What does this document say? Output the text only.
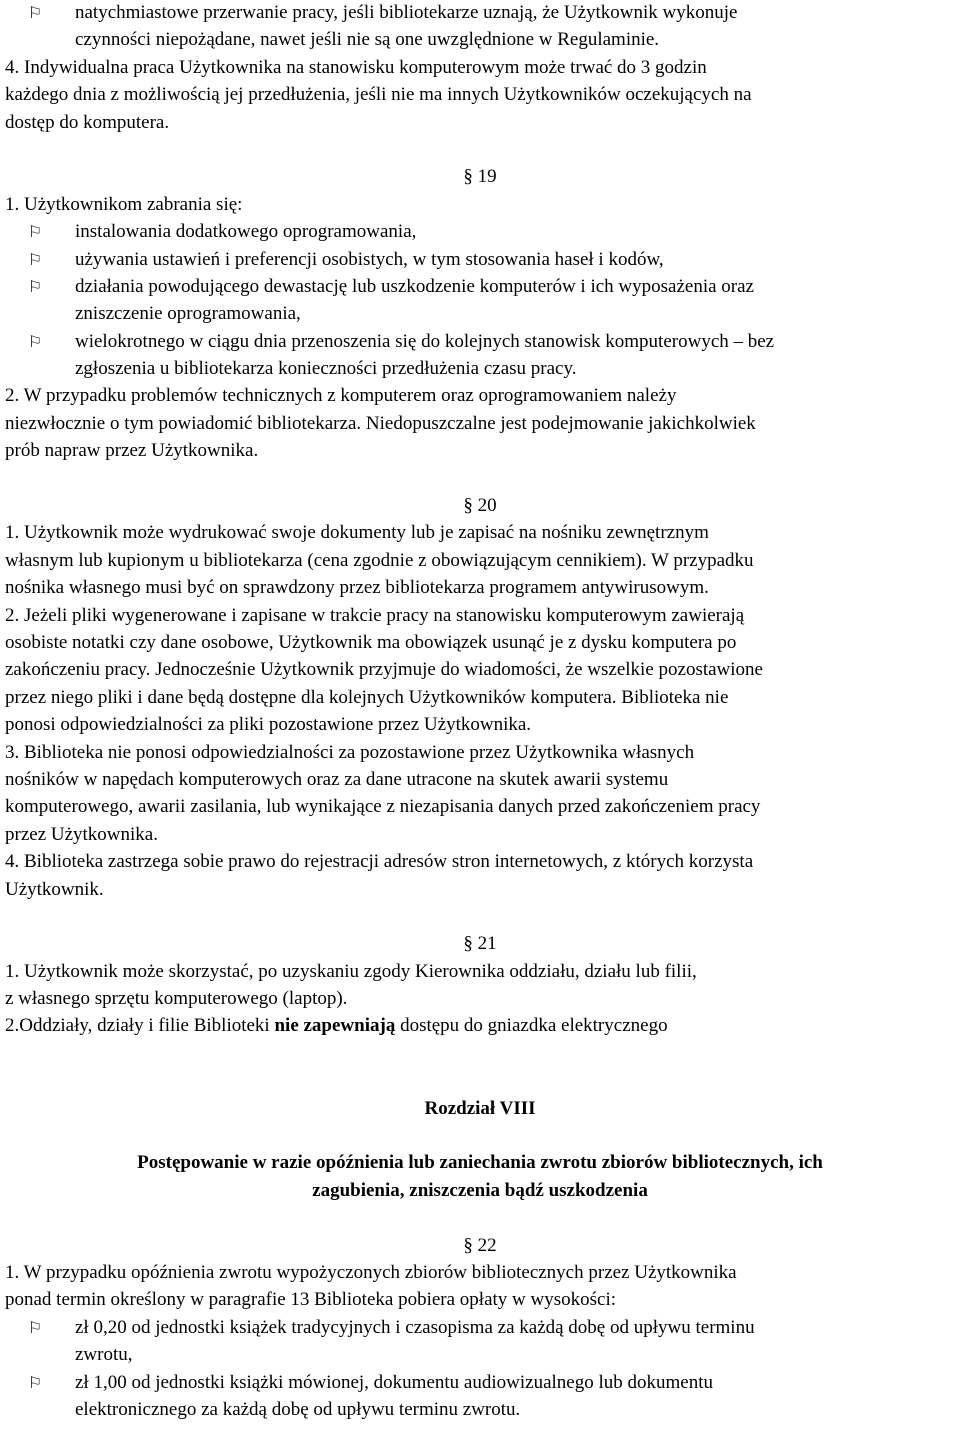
⚐ natychmiastowe przerwanie pracy, jeśli bibliotekarze uznają, że Użytkownik wykonuje
czynności niepożądane, nawet jeśli nie są one uwzględnione w Regulaminie.
4. Indywidualna praca Użytkownika na stanowisku komputerowym może trwać do 3 godzin
każdego dnia z możliwością jej przedłużenia, jeśli nie ma innych Użytkowników oczekujących na
dostęp do komputera.
§ 19
1. Użytkownikom zabrania się:
⚐ instalowania dodatkowego oprogramowania,
⚐ używania ustawień i preferencji osobistych, w tym stosowania haseł i kodów,
⚐ działania powodującego dewastację lub uszkodzenie komputerów i ich wyposażenia oraz
zniszczenie oprogramowania,
⚐ wielokrotnego w ciągu dnia przenoszenia się do kolejnych stanowisk komputerowych – bez
zgłoszenia u bibliotekarza konieczności przedłużenia czasu pracy.
2. W przypadku problemów technicznych z komputerem oraz oprogramowaniem należy
niezwłocznie o tym powiadomić bibliotekarza. Niedopuszczalne jest podejmowanie jakichkolwiek
prób napraw przez Użytkownika.
§ 20
1. Użytkownik może wydrukować swoje dokumenty lub je zapisać na nośniku zewnętrznym
własnym lub kupionym u bibliotekarza (cena zgodnie z obowiązującym cennikiem). W przypadku
nośnika własnego musi być on sprawdzony przez bibliotekarza programem antywirusowym.
2. Jeżeli pliki wygenerowane i zapisane w trakcie pracy na stanowisku komputerowym zawierają
osobiste notatki czy dane osobowe, Użytkownik ma obowiązek usunąć je z dysku komputera po
zakończeniu pracy. Jednocześnie Użytkownik przyjmuje do wiadomości, że wszelkie pozostawione
przez niego pliki i dane będą dostępne dla kolejnych Użytkowników komputera. Biblioteka nie
ponosi odpowiedzialności za pliki pozostawione przez Użytkownika.
3. Biblioteka nie ponosi odpowiedzialności za pozostawione przez Użytkownika własnych
nośników w napędach komputerowych oraz za dane utracone na skutek awarii systemu
komputerowego, awarii zasilania, lub wynikające z niezapisania danych przed zakończeniem pracy
przez Użytkownika.
4. Biblioteka zastrzega sobie prawo do rejestracji adresów stron internetowych, z których korzysta
Użytkownik.
§ 21
1. Użytkownik może skorzystać, po uzyskaniu zgody Kierownika oddziału, działu lub filii,
z własnego sprzętu komputerowego (laptop).
2.Oddziały, działy i filie Biblioteki nie zapewniają dostępu do gniazdka elektrycznego
Rozdział VIII
Postępowanie w razie opóźnienia lub zaniechania zwrotu zbiorów bibliotecznych, ich
zagubienia, zniszczenia bądź uszkodzenia
§ 22
1. W przypadku opóźnienia zwrotu wypożyczonych zbiorów bibliotecznych przez Użytkownika
ponad termin określony w paragrafie 13 Biblioteka pobiera opłaty w wysokości:
⚐ zł 0,20 od jednostki książek tradycyjnych i czasopisma za każdą dobę od upływu terminu
zwrotu,
⚐ zł 1,00 od jednostki książki mówionej, dokumentu audiowizualnego lub dokumentu
elektronicznego za każdą dobę od upływu terminu zwrotu.
